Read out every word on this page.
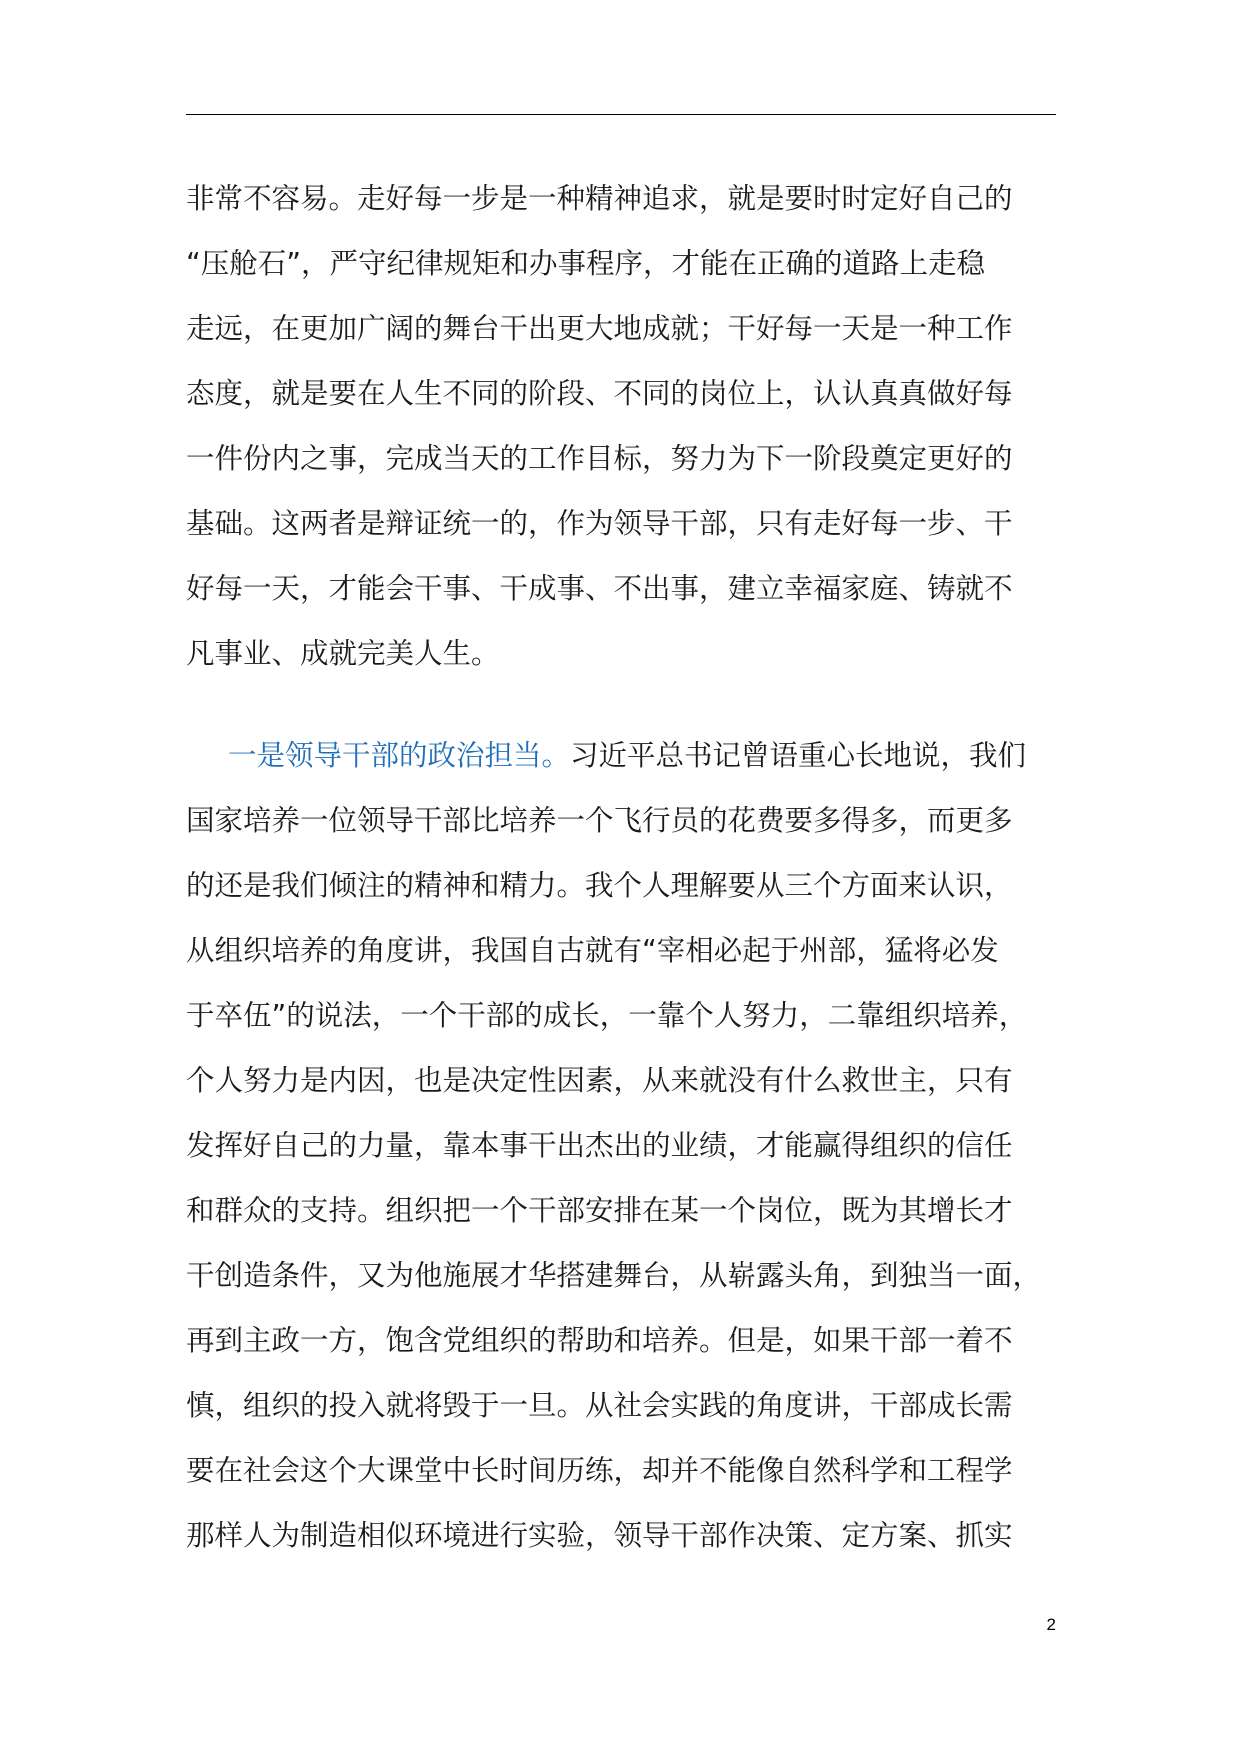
非常不容易。走好每一步是一种精神追求，就是要时时定好自己的
“压舱石”，严守纪律规矩和办事程序，才能在正确的道路上走稳
走远，在更加广阔的舞台干出更大地成就；干好每一天是一种工作
态度，就是要在人生不同的阶段、不同的岗位上，认认真真做好每
一件份内之事，完成当天的工作目标，努力为下一阶段奠定更好的
基础。这两者是辩证统一的，作为领导干部，只有走好每一步、干
好每一天，才能会干事、干成事、不出事，建立幸福家庭、铸就不
凡事业、成就完美人生。
一是领导干部的政治担当。习近平总书记曾语重心长地说，我们
国家培养一位领导干部比培养一个飞行员的花费要多得多，而更多
的还是我们倾注的精神和精力。我个人理解要从三个方面来认识，
从组织培养的角度讲，我国自古就有“宰相必起于州部，猛将必发
于卒伍”的说法，一个干部的成长，一靠个人努力，二靠组织培养，
个人努力是内因，也是决定性因素，从来就没有什么救世主，只有
发挥好自己的力量，靠本事干出杰出的业绩，才能赢得组织的信任
和群众的支持。组织把一个干部安排在某一个岗位，既为其增长才
干创造条件，又为他施展才华搭建舞台，从崭露头角，到独当一面，
再到主政一方，饱含党组织的帮助和培养。但是，如果干部一着不
慎，组织的投入就将毁于一旦。从社会实践的角度讲，干部成长需
要在社会这个大课堂中长时间历练，却并不能像自然科学和工程学
那样人为制造相似环境进行实验，领导干部作决策、定方案、抓实
2
